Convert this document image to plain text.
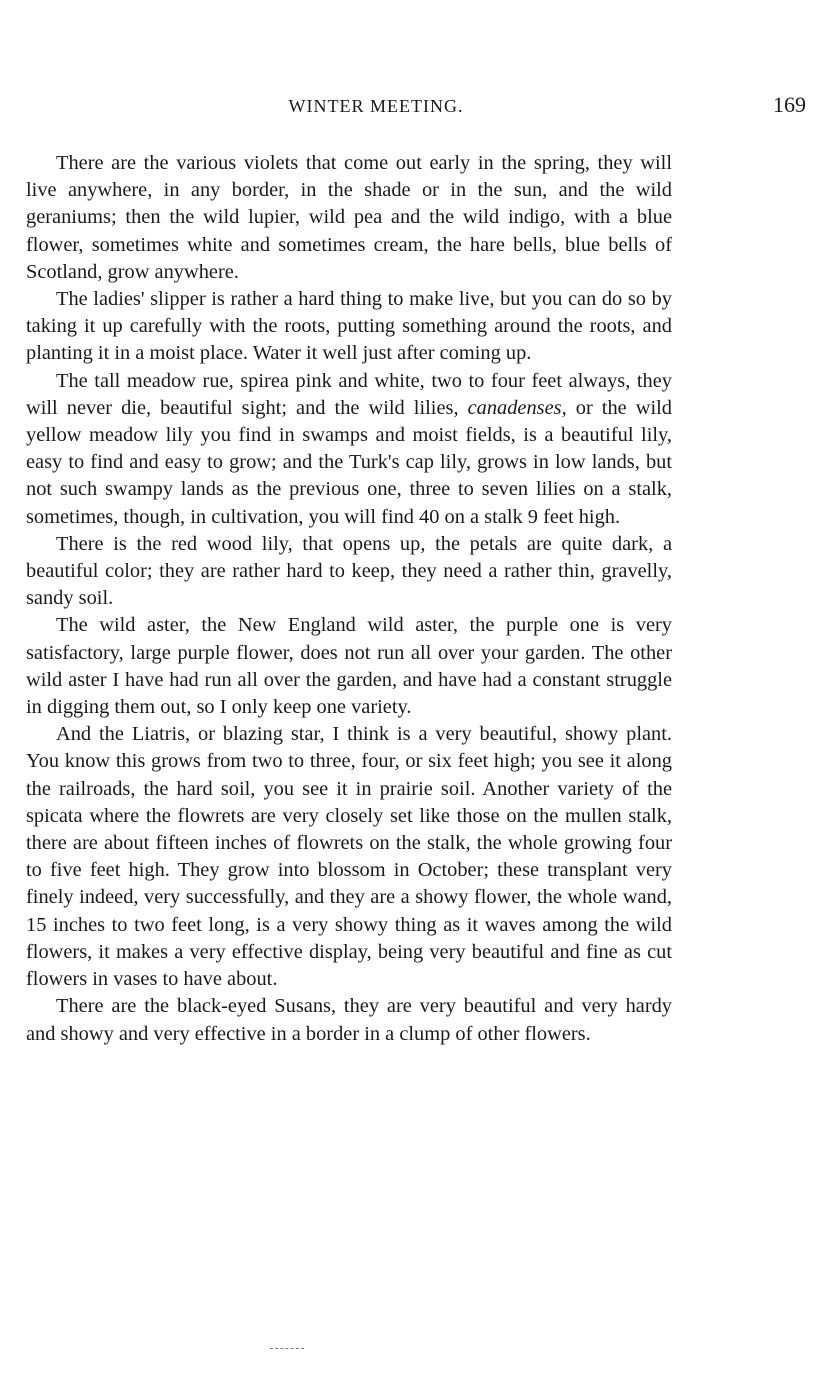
WINTER MEETING.	169

There are the various violets that come out early in the spring, they will live anywhere, in any border, in the shade or in the sun, and the wild geraniums; then the wild lupier, wild pea and the wild indigo, with a blue flower, sometimes white and sometimes cream, the hare bells, blue bells of Scotland, grow anywhere.

The ladies' slipper is rather a hard thing to make live, but you can do so by taking it up carefully with the roots, putting something around the roots, and planting it in a moist place. Water it well just after coming up.

The tall meadow rue, spirea pink and white, two to four feet always, they will never die, beautiful sight; and the wild lilies, canadenses, or the wild yellow meadow lily you find in swamps and moist fields, is a beautiful lily, easy to find and easy to grow; and the Turk's cap lily, grows in low lands, but not such swampy lands as the previous one, three to seven lilies on a stalk, sometimes, though, in cultivation, you will find 40 on a stalk 9 feet high.

There is the red wood lily, that opens up, the petals are quite dark, a beautiful color; they are rather hard to keep, they need a rather thin, gravelly, sandy soil.

The wild aster, the New England wild aster, the purple one is very satisfactory, large purple flower, does not run all over your garden. The other wild aster I have had run all over the garden, and have had a constant struggle in digging them out, so I only keep one variety.

And the Liatris, or blazing star, I think is a very beautiful, showy plant. You know this grows from two to three, four, or six feet high; you see it along the railroads, the hard soil, you see it in prairie soil. Another variety of the spicata where the flowrets are very closely set like those on the mullen stalk, there are about fifteen inches of flowrets on the stalk, the whole growing four to five feet high. They grow into blossom in October; these transplant very finely indeed, very successfully, and they are a showy flower, the whole wand, 15 inches to two feet long, is a very showy thing as it waves among the wild flowers, it makes a very effective display, being very beautiful and fine as cut flowers in vases to have about.

There are the black-eyed Susans, they are very beautiful and very hardy and showy and very effective in a border in a clump of other flowers.
